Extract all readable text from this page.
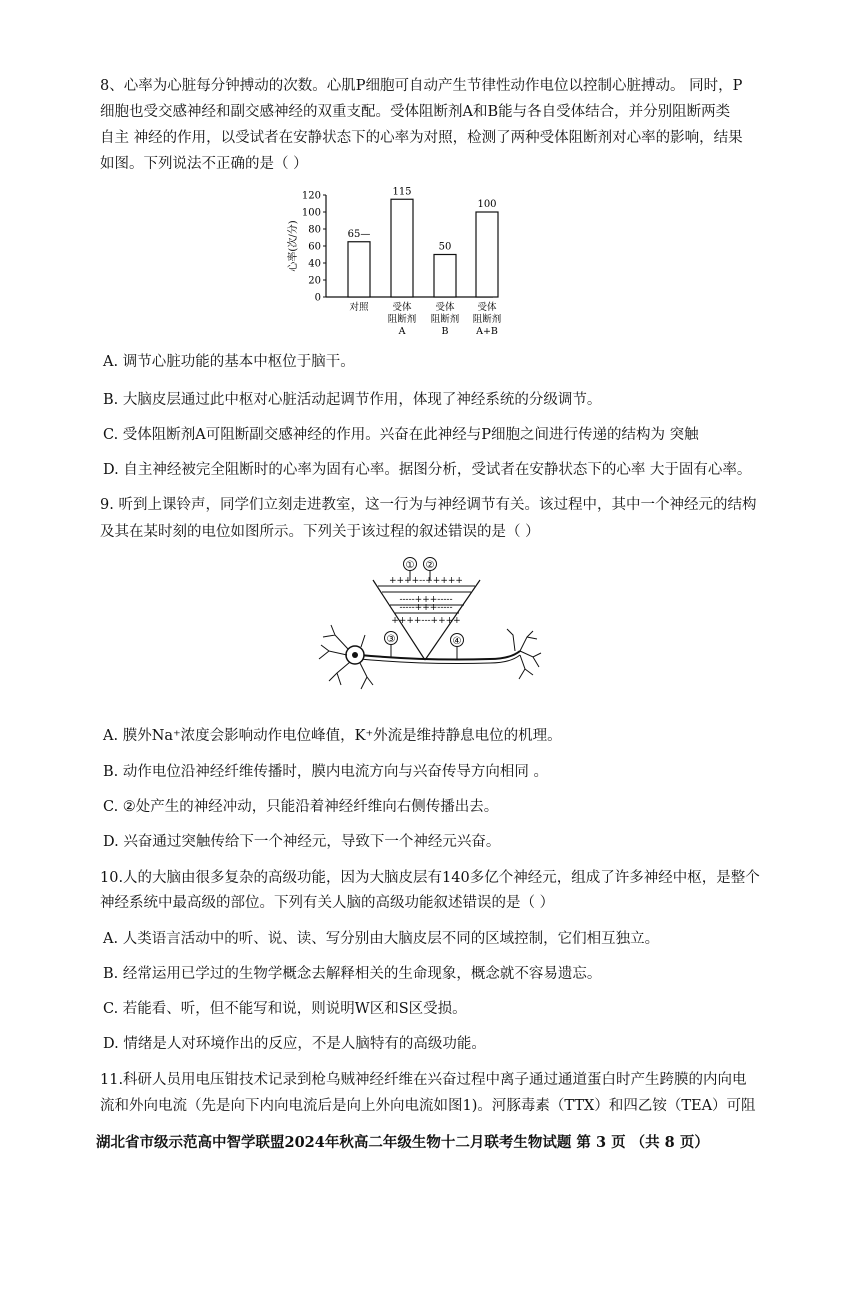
8、心率为心脏每分钟搏动的次数。心肌P细胞可自动产生节律性动作电位以控制心脏搏动。 同时，P
细胞也受交感神经和副交感神经的双重支配。受体阻断剂A和B能与各自受体结合，并分别阻断两类
自主 神经的作用，以受试者在安静状态下的心率为对照，检测了两种受体阻断剂对心率的影响，结果
如图。下列说法不正确的是（ ）
心率(次/分)
0
20
40
60
80
100
120
65—
115
50
100
对照	受体
阻断剂
A
受体
阻断剂
B
受体
阻断剂
A+B
A. 调节心脏功能的基本中枢位于脑干。
B. 大脑皮层通过此中枢对心脏活动起调节作用，体现了神经系统的分级调节。
C. 受体阻断剂A可阻断副交感神经的作用。兴奋在此神经与P细胞之间进行传递的结构为 突触
D. 自主神经被完全阻断时的心率为固有心率。据图分析，受试者在安静状态下的心率 大于固有心率。
9. 听到上课铃声，同学们立刻走进教室，这一行为与神经调节有关。该过程中，其中一个神经元的结构
及其在某时刻的电位如图所示。下列关于该过程的叙述错误的是（ ）
++++--+++++
-----+++-----
-----+++-----
++++---++++
① ②
③	④
A. 膜外Na⁺浓度会影响动作电位峰值，K⁺外流是维持静息电位的机理。
B. 动作电位沿神经纤维传播时，膜内电流方向与兴奋传导方向相同 。
C. ②处产生的神经冲动，只能沿着神经纤维向右侧传播出去。
D. 兴奋通过突触传给下一个神经元，导致下一个神经元兴奋。
10.人的大脑由很多复杂的高级功能，因为大脑皮层有140多亿个神经元，组成了许多神经中枢，是整个
神经系统中最高级的部位。下列有关人脑的高级功能叙述错误的是（ ）
A. 人类语言活动中的听、说、读、写分别由大脑皮层不同的区域控制，它们相互独立。
B. 经常运用已学过的生物学概念去解释相关的生命现象，概念就不容易遗忘。
C. 若能看、听，但不能写和说，则说明W区和S区受损。
D. 情绪是人对环境作出的反应，不是人脑特有的高级功能。
11.科研人员用电压钳技术记录到枪乌贼神经纤维在兴奋过程中离子通过通道蛋白时产生跨膜的内向电
流和外向电流（先是向下内向电流后是向上外向电流如图1)。河豚毒素（TTX）和四乙铵（TEA）可阻
湖北省市级示范高中智学联盟2024年秋高二年级生物十二月联考生物试题 第 3 页 （共 8 页）
